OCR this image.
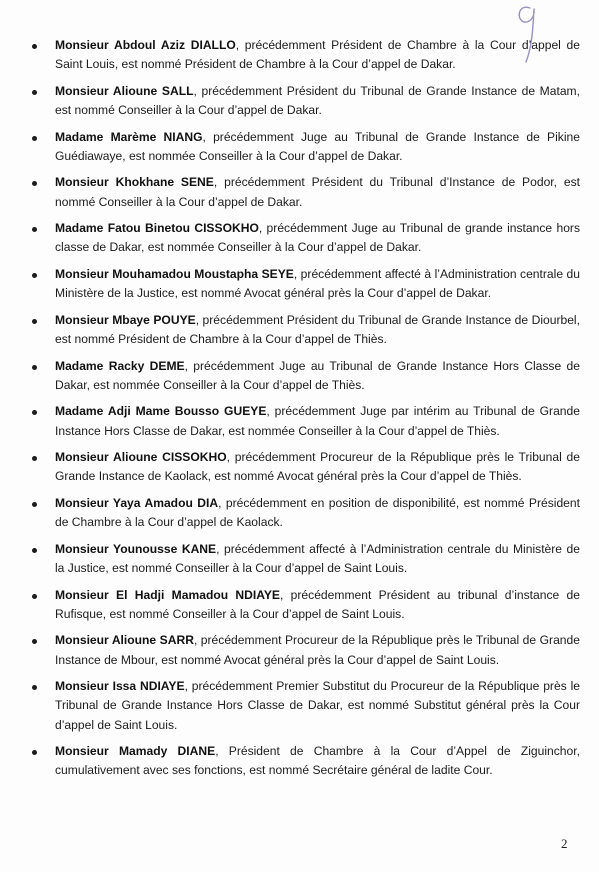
Monsieur Abdoul Aziz DIALLO, précédemment Président de Chambre à la Cour d’appel de Saint Louis, est nommé Président de Chambre à la Cour d’appel de Dakar.
Monsieur Alioune SALL, précédemment Président du Tribunal de Grande Instance de Matam, est nommé Conseiller à la Cour d’appel de Dakar.
Madame Marème NIANG, précédemment Juge au Tribunal de Grande Instance de Pikine Guédiawaye, est nommée Conseiller à la Cour d’appel de Dakar.
Monsieur Khokhane SENE, précédemment Président du Tribunal d’Instance de Podor, est nommé Conseiller à la Cour d’appel de Dakar.
Madame Fatou Binetou CISSOKHO, précédemment Juge au Tribunal de grande instance hors classe de Dakar, est nommée Conseiller à la Cour d’appel de Dakar.
Monsieur Mouhamadou Moustapha SEYE, précédemment affecté à l’Administration centrale du Ministère de la Justice, est nommé Avocat général près la Cour d’appel de Dakar.
Monsieur Mbaye POUYE, précédemment Président du Tribunal de Grande Instance de Diourbel, est nommé Président de Chambre à la Cour d’appel de Thiès.
Madame Racky DEME, précédemment Juge au Tribunal de Grande Instance Hors Classe de Dakar, est nommée Conseiller à la Cour d’appel de Thiès.
Madame Adji Mame Bousso GUEYE, précédemment Juge par intérim au Tribunal de Grande Instance Hors Classe de Dakar, est nommée Conseiller à la Cour d’appel de Thiès.
Monsieur Alioune CISSOKHO, précédemment Procureur de la République près le Tribunal de Grande Instance de Kaolack, est nommé Avocat général près la Cour d’appel de Thiès.
Monsieur Yaya Amadou DIA, précédemment en position de disponibilité, est nommé Président de Chambre à la Cour d’appel de Kaolack.
Monsieur Younousse KANE, précédemment affecté à l’Administration centrale du Ministère de la Justice, est nommé Conseiller à la Cour d’appel de Saint Louis.
Monsieur El Hadji Mamadou NDIAYE, précédemment Président au tribunal d’instance de Rufisque, est nommé Conseiller à la Cour d’appel de Saint Louis.
Monsieur Alioune SARR, précédemment Procureur de la République près le Tribunal de Grande Instance de Mbour, est nommé Avocat général près la Cour d’appel de Saint Louis.
Monsieur Issa NDIAYE, précédemment Premier Substitut du Procureur de la République près le Tribunal de Grande Instance Hors Classe de Dakar, est nommé Substitut général près la Cour d’appel de Saint Louis.
Monsieur Mamady DIANE, Président de Chambre à la Cour d’Appel de Ziguinchor, cumulativement avec ses fonctions, est nommé Secrétaire général de ladite Cour.
2
